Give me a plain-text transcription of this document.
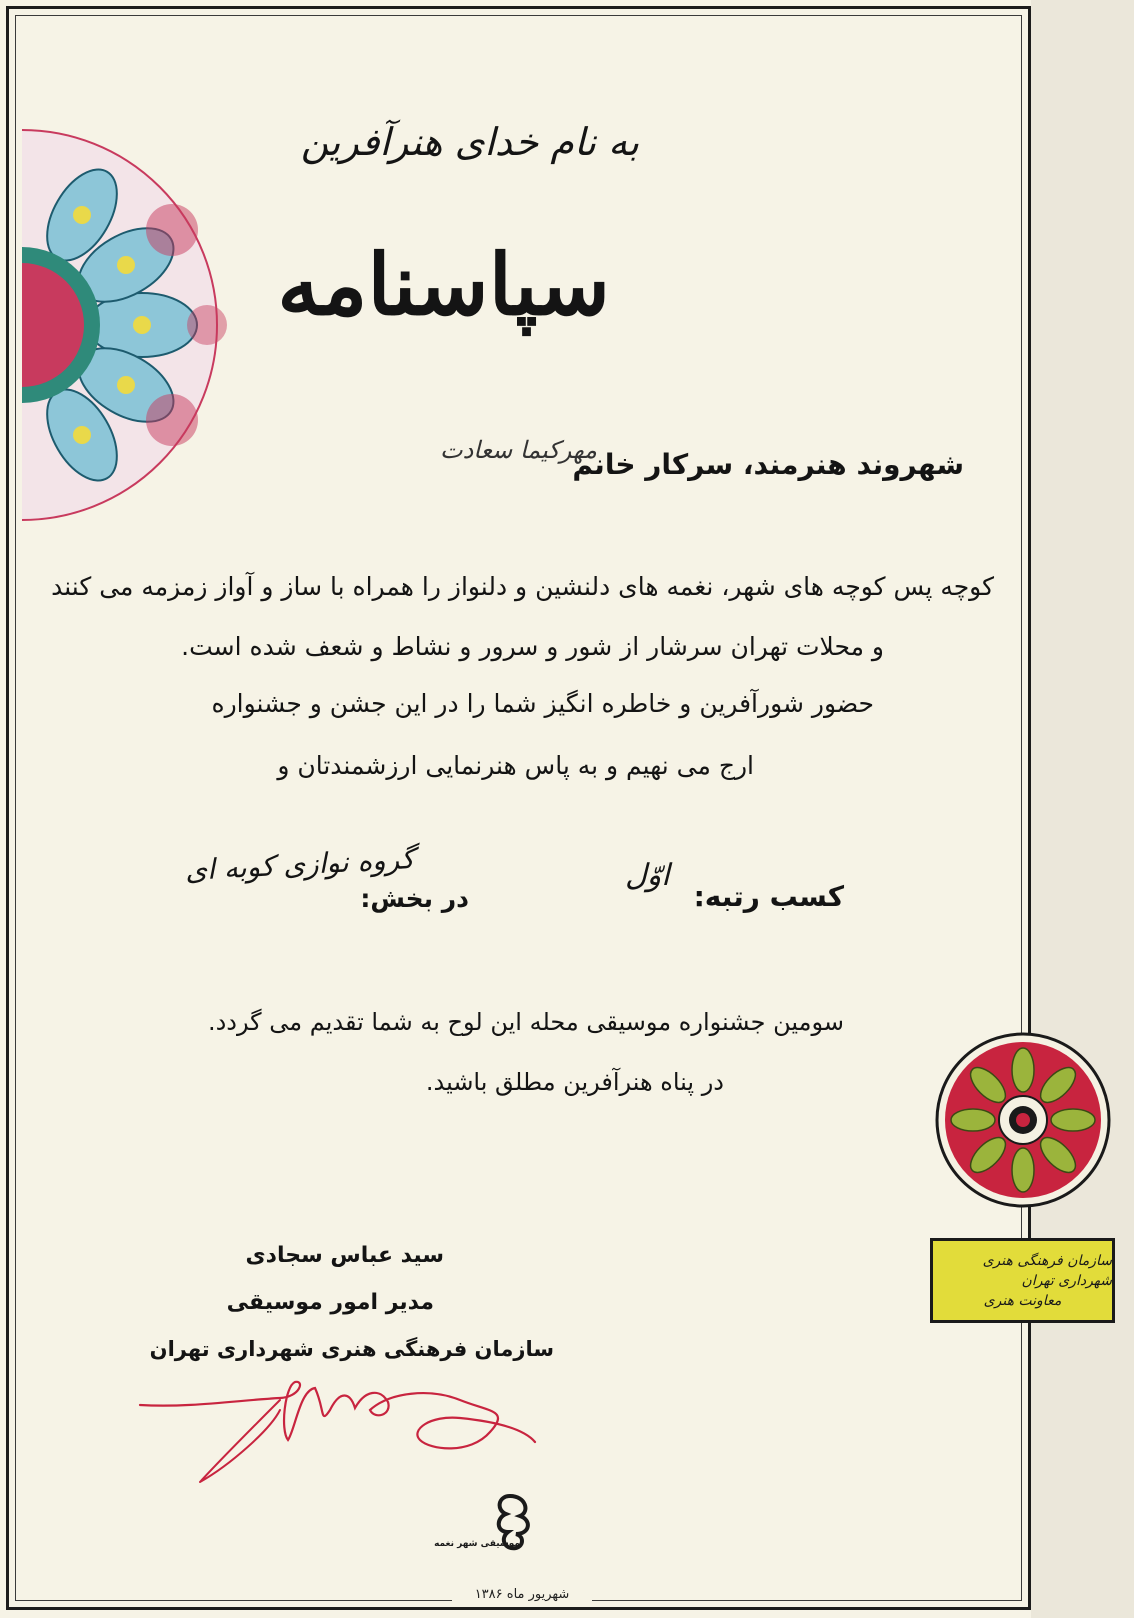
به نام خدای هنرآفرین
سپاسنامه
شهروند هنرمند، سرکار خانم
مهرکیما سعادت
کوچه پس کوچه های شهر، نغمه های دلنشین و دلنواز را همراه با ساز و آواز زمزمه می کنند
و محلات تهران سرشار از شور و سرور و نشاط و شعف شده است.
حضور شورآفرین و خاطره انگیز شما را در این جشن و جشنواره
ارج می نهیم و به پاس هنرنمایی ارزشمندتان و
کسب رتبه:
اوّل
در بخش:
گروه نوازی کوبه ای
سومین جشنواره موسیقی محله این لوح به شما تقدیم می گردد.
در پناه هنرآفرین مطلق باشید.
سازمان فرهنگی هنری شهرداری تهران
معاونت هنری
سید عباس سجادی
مدیر امور موسیقی
سازمان فرهنگی هنری شهرداری تهران
موسیقی شهر نغمه
شهریور ماه ۱۳۸۶
